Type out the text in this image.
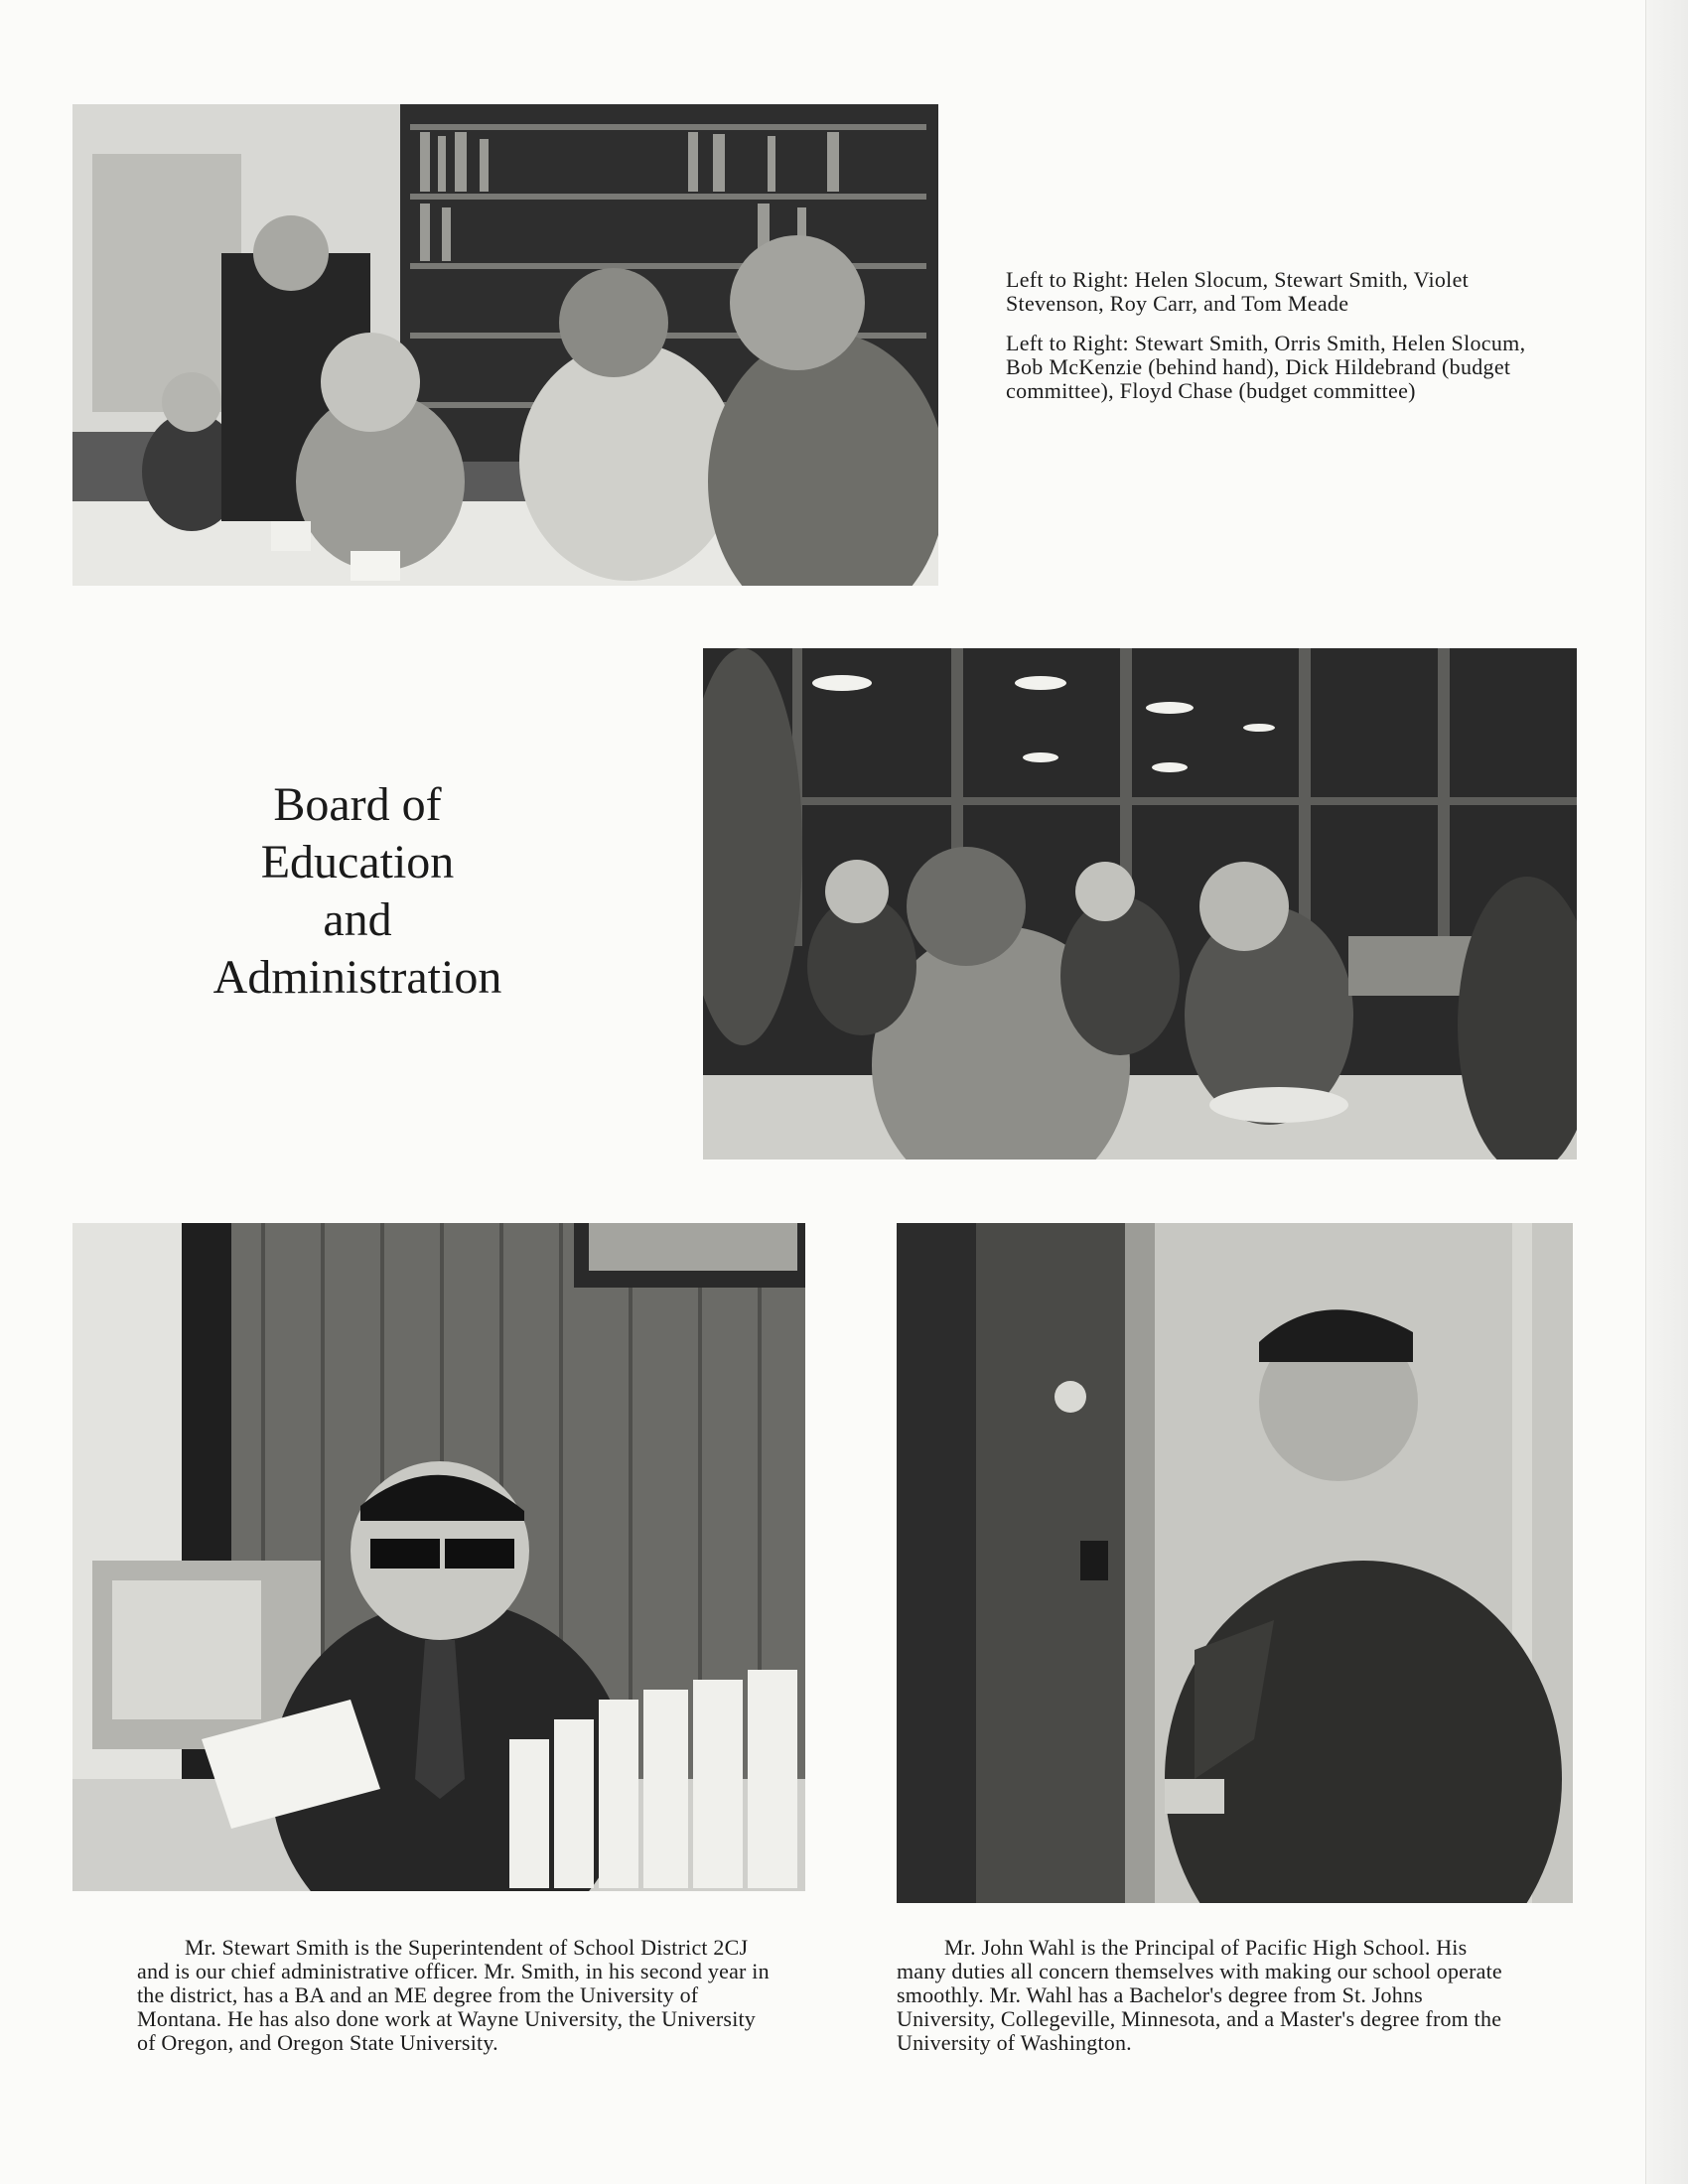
Left to Right: Helen Slocum, Stewart Smith, Violet Stevenson, Roy Carr, and Tom Meade

Left to Right: Stewart Smith, Orris Smith, Helen Slocum, Bob McKenzie (behind hand), Dick Hildebrand (budget committee), Floyd Chase (budget committee)

Board of
Education
and
Administration
Mr. Stewart Smith is the Superintendent of School District 2CJ and is our chief administrative officer. Mr. Smith, in his second year in the district, has a BA and an ME degree from the University of Montana. He has also done work at Wayne University, the University of Oregon, and Oregon State University.
Mr. John Wahl is the Principal of Pacific High School. His many duties all concern themselves with making our school operate smoothly. Mr. Wahl has a Bachelor's degree from St. Johns University, Collegeville, Minnesota, and a Master's degree from the University of Washington.
